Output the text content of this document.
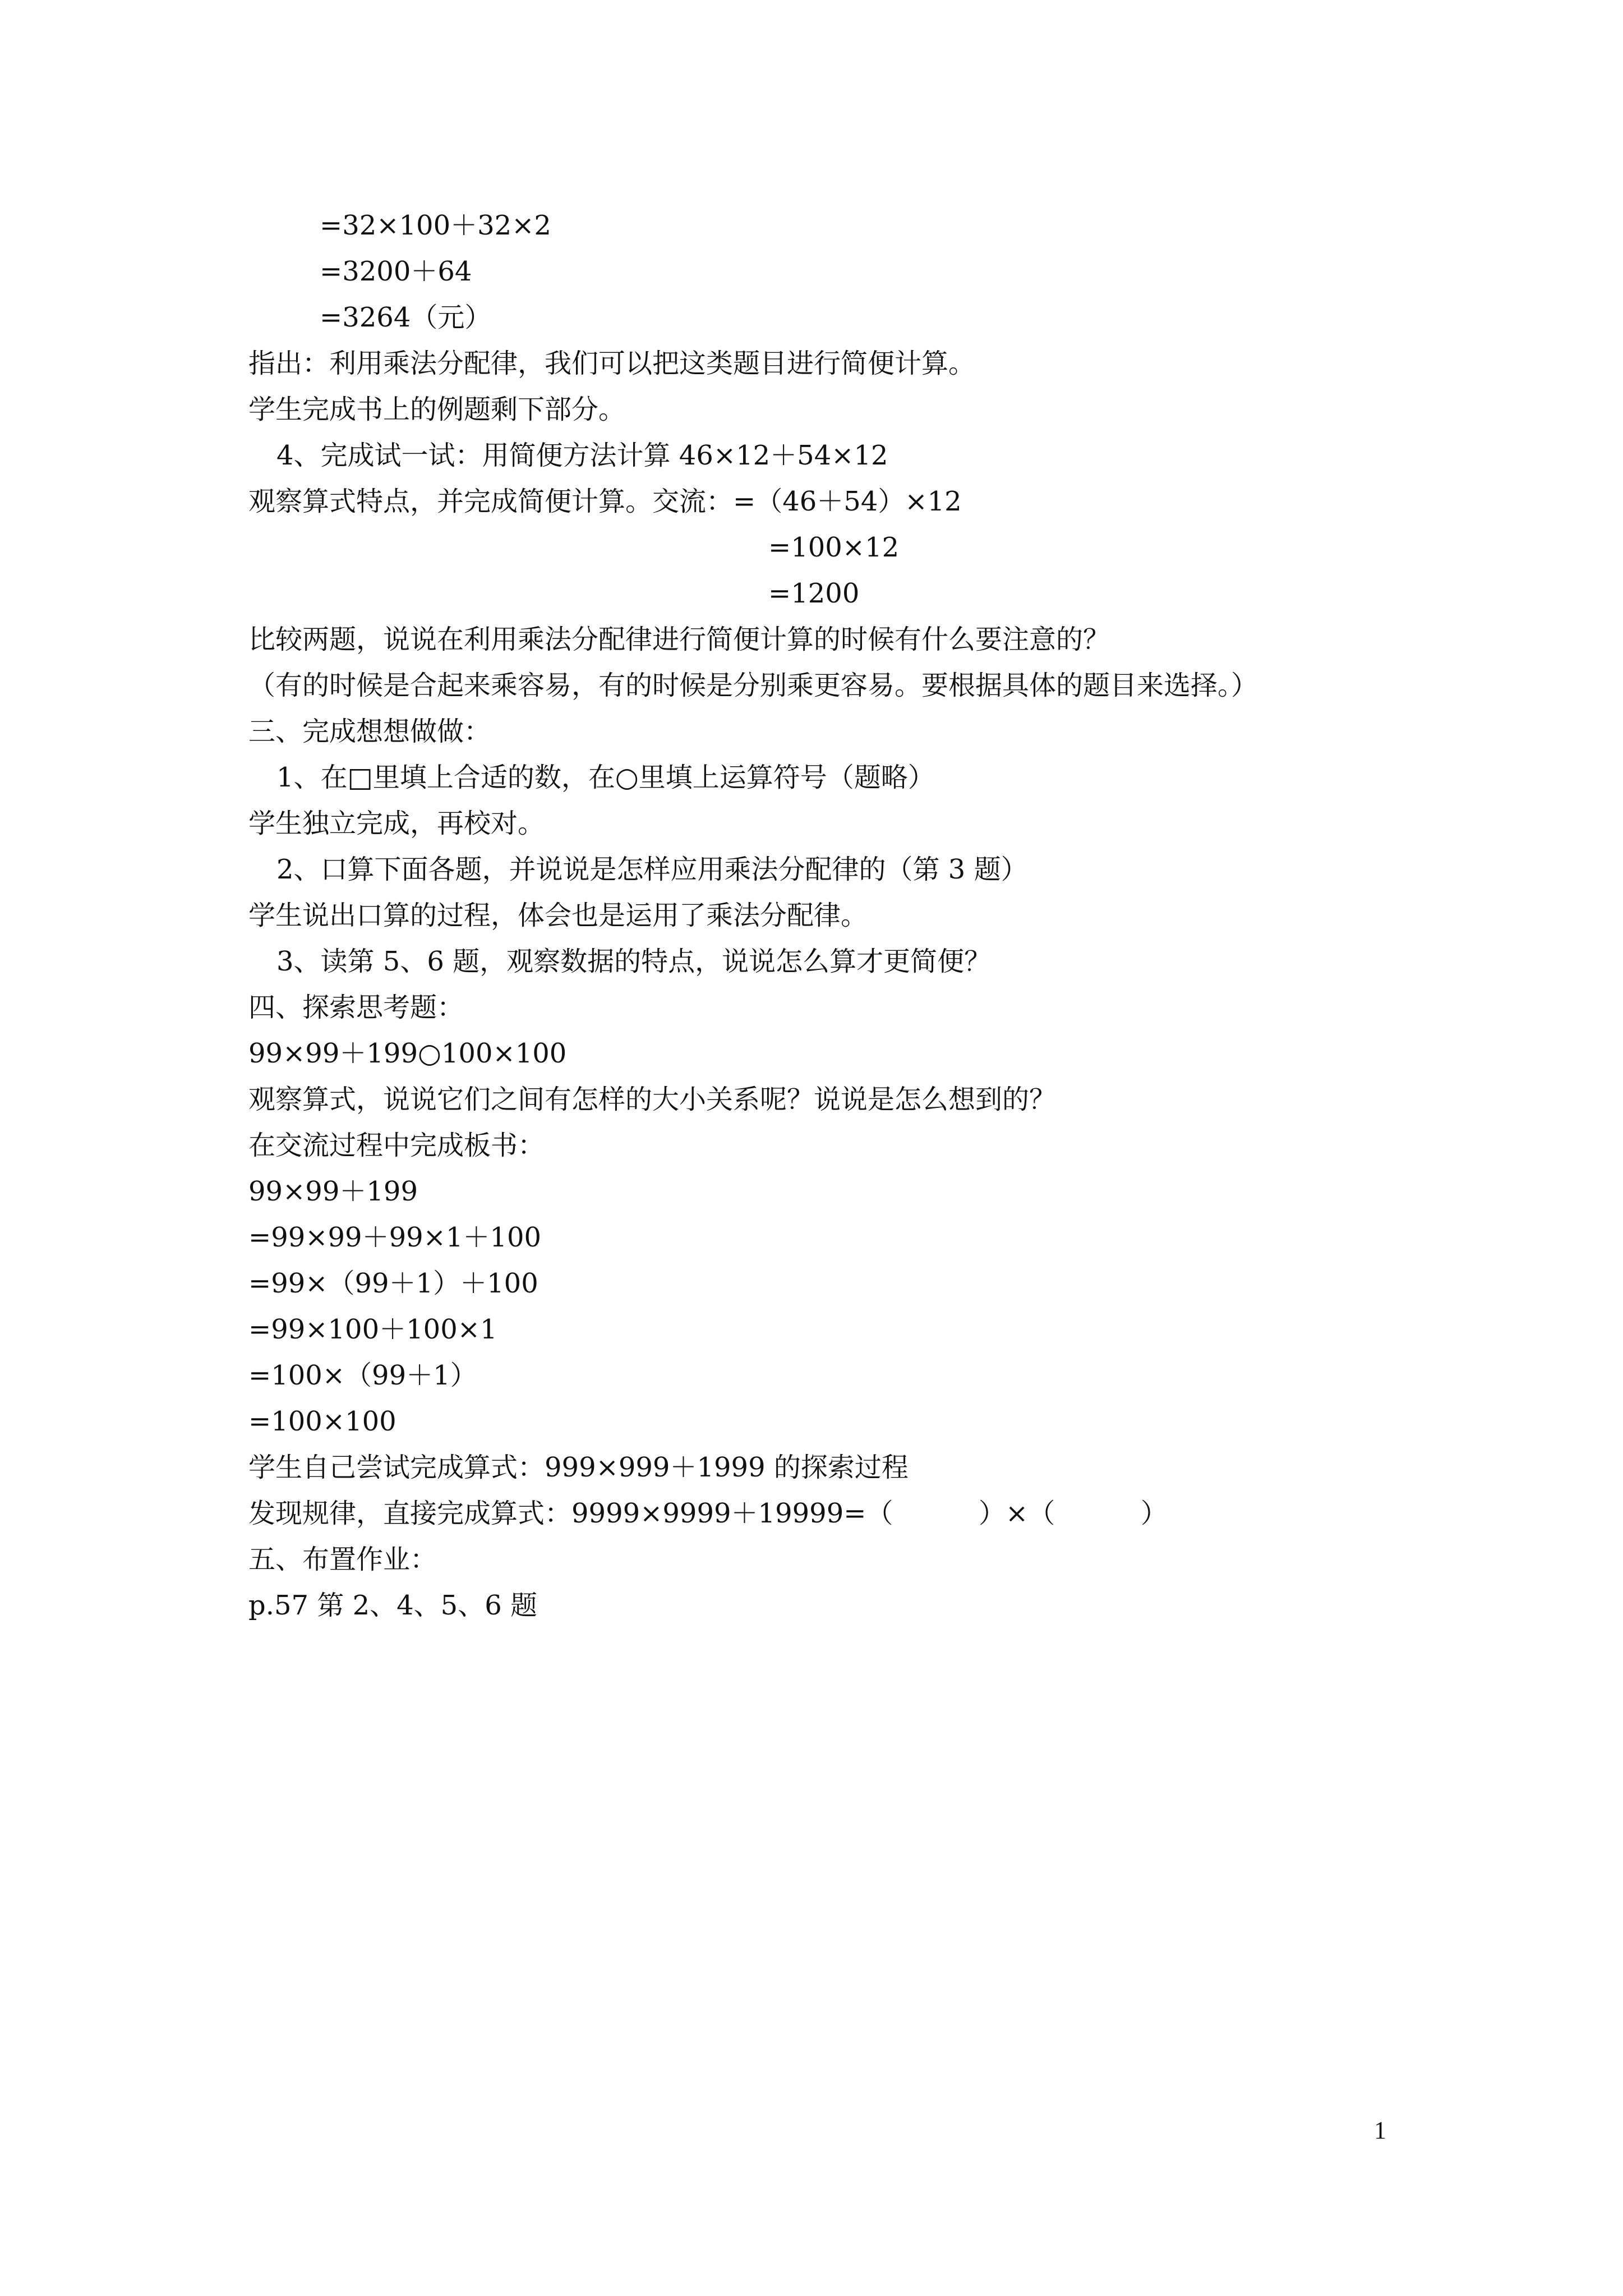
=32×100＋32×2
=3200＋64
=3264（元）
指出：利用乘法分配律，我们可以把这类题目进行简便计算。
学生完成书上的例题剩下部分。
4、完成试一试：用简便方法计算 46×12＋54×12
观察算式特点，并完成简便计算。交流：=（46＋54）×12
=100×12
=1200
比较两题，说说在利用乘法分配律进行简便计算的时候有什么要注意的？
（有的时候是合起来乘容易，有的时候是分别乘更容易。要根据具体的题目来选择。）
三、完成想想做做：
1、在□里填上合适的数，在○里填上运算符号（题略）
学生独立完成，再校对。
2、口算下面各题，并说说是怎样应用乘法分配律的（第 3 题）
学生说出口算的过程，体会也是运用了乘法分配律。
3、读第 5、6 题，观察数据的特点，说说怎么算才更简便？
四、探索思考题：
99×99＋199○100×100
观察算式，说说它们之间有怎样的大小关系呢？说说是怎么想到的？
在交流过程中完成板书：
99×99＋199
=99×99＋99×1＋100
=99×（99＋1）＋100
=99×100＋100×1
=100×（99＋1）
=100×100
学生自己尝试完成算式：999×999＋1999 的探索过程
发现规律，直接完成算式：9999×9999＋19999=（          ）×（          ）
五、布置作业：
p.57 第 2、4、5、6 题
1
